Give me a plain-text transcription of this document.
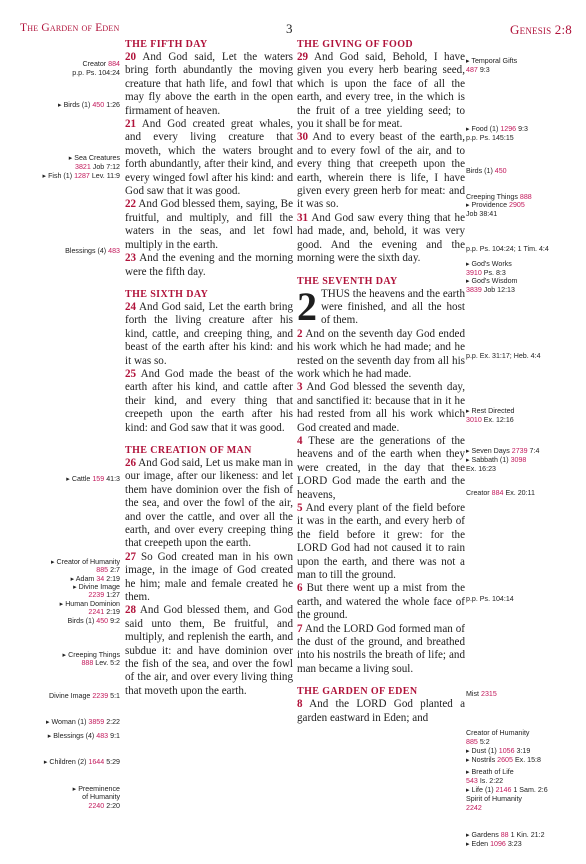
The Garden of Eden	3	Genesis 2:8
Creator 884
p.p. Ps. 104:24
▸ Birds (1) 450 1:26
▸ Sea Creatures
3821 Job 7:12
▸ Fish (1) 1287 Lev. 11:9
Blessings (4) 483
▸ Cattle 159 41:3
▸ Creator of Humanity
885 2:7
▸ Adam 34 2:19
▸ Divine Image
2239 1:27
▸ Human Dominion
2241 2:19
Birds (1) 450 9:2
▸ Creeping Things
888 Lev. 5:2
Divine Image 2239 5:1
▸ Woman (1) 3859 2:22
▸ Blessings (4) 483 9:1
▸ Children (2) 1644 5:29
▸ Preeminence
of Humanity
2240 2:20
▸ Temporal Gifts
487 9:3
▸ Food (1) 1296 9:3
p.p. Ps. 145:15
Birds (1) 450
Creeping Things 888
▸ Providence 2905
Job 38:41
p.p. Ps. 104:24; 1 Tim. 4:4
▸ God's Works
3910 Ps. 8:3
▸ God's Wisdom
3839 Job 12:13
p.p. Ex. 31:17; Heb. 4:4
▸ Rest Directed
3010 Ex. 12:16
▸ Seven Days 2739 7:4
▸ Sabbath (1) 3098
Ex. 16:23
Creator 884 Ex. 20:11
p.p. Ps. 104:14
Mist 2315
Creator of Humanity
885 5:2
▸ Dust (1) 1056 3:19
▸ Nostrils 2605 Ex. 15:8
▸ Breath of Life
543 Is. 2:22
▸ Life (1) 2146 1 Sam. 2:6
Spirit of Humanity
2242
▸ Gardens 88 1 Kin. 21:2
▸ Eden 1096 3:23
THE FIFTH DAY
20 And God said, Let the waters bring forth abundantly the moving creature that hath life, and fowl that may fly above the earth in the open firmament of heaven.
21 And God created great whales, and every living creature that moveth, which the waters brought forth abundantly, after their kind, and every winged fowl after his kind: and God saw that it was good.
22 And God blessed them, saying, Be fruitful, and multiply, and fill the waters in the seas, and let fowl multiply in the earth.
23 And the evening and the morning were the fifth day.
THE SIXTH DAY
24 And God said, Let the earth bring forth the living creature after his kind, cattle, and creeping thing, and beast of the earth after his kind: and it was so.
25 And God made the beast of the earth after his kind, and cattle after their kind, and every thing that creepeth upon the earth after his kind: and God saw that it was good.
THE CREATION OF MAN
26 And God said, Let us make man in our image, after our likeness: and let them have dominion over the fish of the sea, and over the fowl of the air, and over the cattle, and over all the earth, and over every creeping thing that creepeth upon the earth.
27 So God created man in his own image, in the image of God created he him; male and female created he them.
28 And God blessed them, and God said unto them, Be fruitful, and multiply, and replenish the earth, and subdue it: and have dominion over the fish of the sea, and over the fowl of the air, and over every living thing that moveth upon the earth.
THE GIVING OF FOOD
29 And God said, Behold, I have given you every herb bearing seed, which is upon the face of all the earth, and every tree, in the which is the fruit of a tree yielding seed; to you it shall be for meat.
30 And to every beast of the earth, and to every fowl of the air, and to every thing that creepeth upon the earth, wherein there is life, I have given every green herb for meat: and it was so.
31 And God saw every thing that he had made, and, behold, it was very good. And the evening and the morning were the sixth day.
THE SEVENTH DAY
2 THUS the heavens and the earth were finished, and all the host of them.
2 And on the seventh day God ended his work which he had made; and he rested on the seventh day from all his work which he had made.
3 And God blessed the seventh day, and sanctified it: because that in it he had rested from all his work which God created and made.
4 These are the generations of the heavens and of the earth when they were created, in the day that the LORD God made the earth and the heavens,
5 And every plant of the field before it was in the earth, and every herb of the field before it grew: for the LORD God had not caused it to rain upon the earth, and there was not a man to till the ground.
6 But there went up a mist from the earth, and watered the whole face of the ground.
7 And the LORD God formed man of the dust of the ground, and breathed into his nostrils the breath of life; and man became a living soul.
THE GARDEN OF EDEN
8 And the LORD God planted a garden eastward in Eden; and
